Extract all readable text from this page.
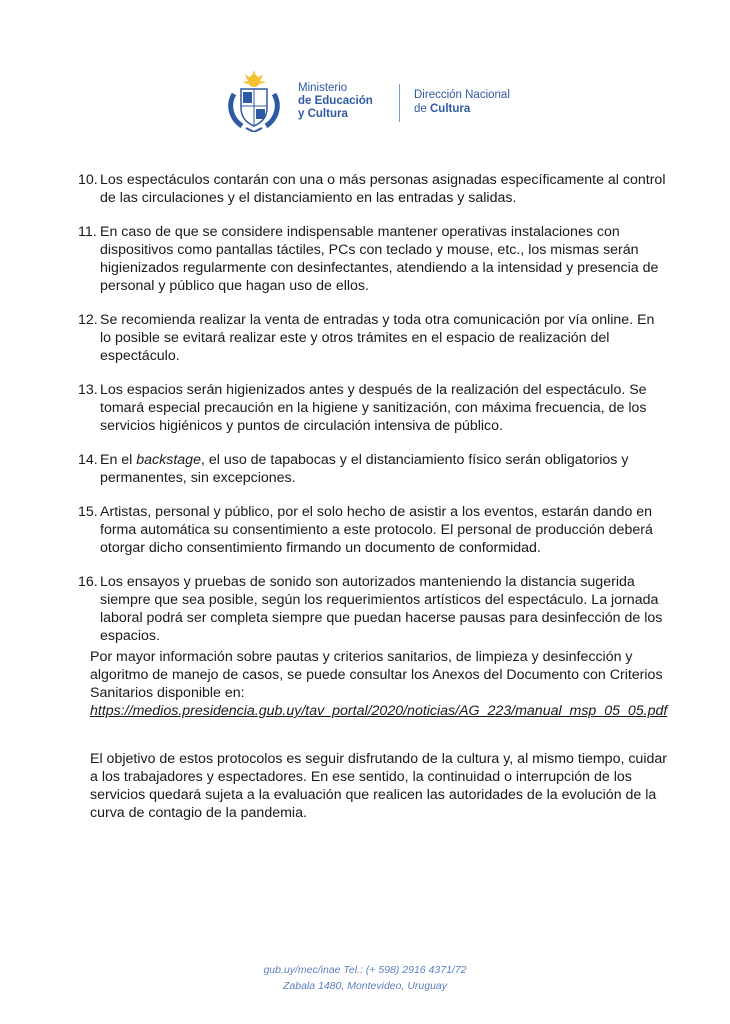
Ministerio
de Educación
y Cultura
Dirección Nacional
de Cultura
10. Los espectáculos contarán con una o más personas asignadas específicamente al control de las circulaciones y el distanciamiento en las entradas y salidas.
11. En caso de que se considere indispensable mantener operativas instalaciones con dispositivos como pantallas táctiles, PCs con teclado y mouse, etc., los mismas serán higienizados regularmente con desinfectantes, atendiendo a la intensidad y presencia de personal y público que hagan uso de ellos.
12. Se recomienda realizar la venta de entradas y toda otra comunicación por vía online. En lo posible se evitará realizar este y otros trámites en el espacio de realización del espectáculo.
13. Los espacios serán higienizados antes y después de la realización del espectáculo. Se tomará especial precaución en la higiene y sanitización, con máxima frecuencia, de los servicios higiénicos y puntos de circulación intensiva de público.
14. En el backstage, el uso de tapabocas y el distanciamiento físico serán obligatorios y permanentes, sin excepciones.
15. Artistas, personal y público, por el solo hecho de asistir a los eventos, estarán dando en forma automática su consentimiento a este protocolo. El personal de producción deberá otorgar dicho consentimiento firmando un documento de conformidad.
16. Los ensayos y pruebas de sonido son autorizados manteniendo la distancia sugerida siempre que sea posible, según los requerimientos artísticos del espectáculo. La jornada laboral podrá ser completa siempre que puedan hacerse pausas para desinfección de los espacios.

Por mayor información sobre pautas y criterios sanitarios, de limpieza y desinfección y algoritmo de manejo de casos, se puede consultar los Anexos del Documento con Criterios Sanitarios disponible en:
https://medios.presidencia.gub.uy/tav_portal/2020/noticias/AG_223/manual_msp_05_05.pdf

El objetivo de estos protocolos es seguir disfrutando de la cultura y, al mismo tiempo, cuidar a los trabajadores y espectadores. En ese sentido, la continuidad o interrupción de los servicios quedará sujeta a la evaluación que realicen las autoridades de la evolución de la curva de contagio de la pandemia.

gub.uy/mec/inae Tel.: (+ 598) 2916 4371/72
Zabala 1480, Montevideo, Uruguay
